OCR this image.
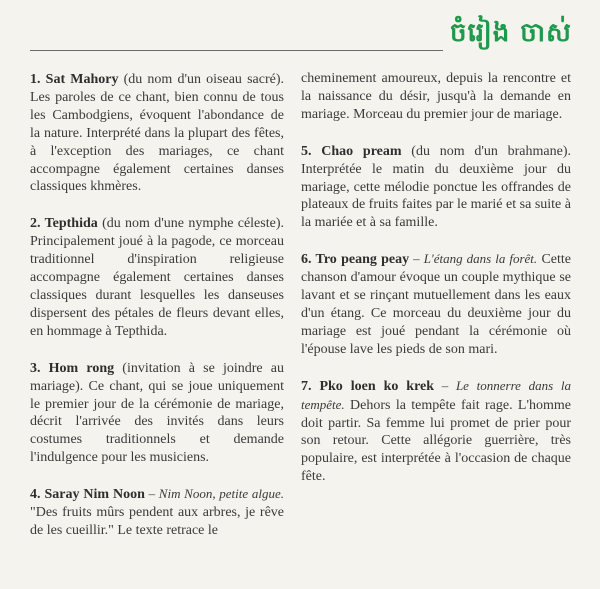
ចំរៀង ចាស់

1. Sat Mahory (du nom d'un oiseau sacré). Les paroles de ce chant, bien connu de tous les Cambodgiens, évoquent l'abondance de la nature. Interprété dans la plupart des fêtes, à l'exception des mariages, ce chant accompagne également certaines danses classiques khmères.

2. Tepthida (du nom d'une nymphe céleste). Principalement joué à la pagode, ce morceau traditionnel d'inspiration religieuse accompagne également certaines danses classiques durant lesquelles les danseuses dispersent des pétales de fleurs devant elles, en hommage à Tepthida.

3. Hom rong (invitation à se joindre au mariage). Ce chant, qui se joue uniquement le premier jour de la cérémonie de mariage, décrit l'arrivée des invités dans leurs costumes traditionnels et demande l'indulgence pour les musiciens.

4. Saray Nim Noon – Nim Noon, petite algue. "Des fruits mûrs pendent aux arbres, je rêve de les cueillir." Le texte retrace le

cheminement amoureux, depuis la rencontre et la naissance du désir, jusqu'à la demande en mariage. Morceau du premier jour de mariage.

5. Chao pream (du nom d'un brahmane). Interprétée le matin du deuxième jour du mariage, cette mélodie ponctue les offrandes de plateaux de fruits faites par le marié et sa suite à la mariée et à sa famille.

6. Tro peang peay – L'étang dans la forêt. Cette chanson d'amour évoque un couple mythique se lavant et se rinçant mutuellement dans les eaux d'un étang. Ce morceau du deuxième jour du mariage est joué pendant la cérémonie où l'épouse lave les pieds de son mari.

7. Pko loen ko krek – Le tonnerre dans la tempête. Dehors la tempête fait rage. L'homme doit partir. Sa femme lui promet de prier pour son retour. Cette allégorie guerrière, très populaire, est interprétée à l'occasion de chaque fête.
